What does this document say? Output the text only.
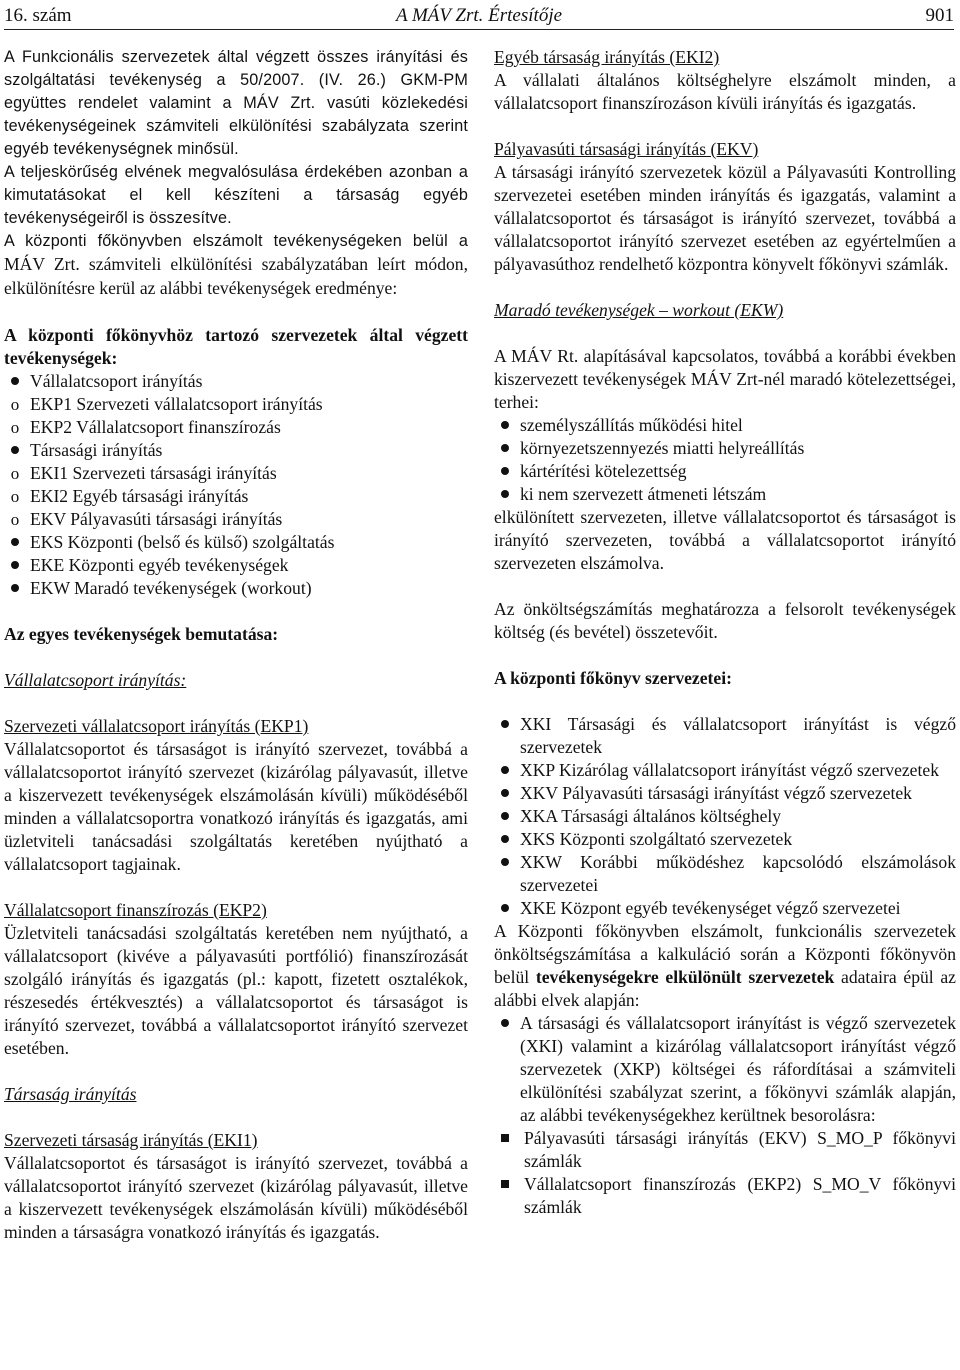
16. szám	A MÁV Zrt. Értesítője	901

A Funkcionális szervezetek által végzett összes irányítási és szolgáltatási tevékenység a 50/2007. (IV. 26.) GKM-PM együttes rendelet valamint a MÁV Zrt. vasúti közlekedési tevékenységeinek számviteli elkülönítési szabályzata szerint egyéb tevékenységnek minősül.

A teljeskörűség elvének megvalósulása érdekében azonban a kimutatásokat el kell készíteni a társaság egyéb tevékenységeiről is összesítve.

A központi főkönyvben elszámolt tevékenységeken belül a MÁV Zrt. számviteli elkülönítési szabályzatában leírt módon, elkülönítésre kerül az alábbi tevékenységek eredménye:

A központi főkönyvhöz tartozó szervezetek által végzett tevékenységek:

Vállalatcsoport irányítás
o EKP1 Szervezeti vállalatcsoport irányítás
o EKP2 Vállalatcsoport finanszírozás
Társasági irányítás
o EKI1 Szervezeti társasági irányítás
o EKI2 Egyéb társasági irányítás
o EKV Pályavasúti társasági irányítás
EKS Központi (belső és külső) szolgáltatás
EKE Központi egyéb tevékenységek
EKW Maradó tevékenységek (workout)

Az egyes tevékenységek bemutatása:

Vállalatcsoport irányítás:

Szervezeti vállalatcsoport irányítás (EKP1)

Vállalatcsoportot és társaságot is irányító szervezet, továbbá a vállalatcsoportot irányító szervezet (kizárólag pályavasút, illetve a kiszervezett tevékenységek elszámolásán kívüli) működéséből minden a vállalatcsoportra vonatkozó irányítás és igazgatás, ami üzletviteli tanácsadási szolgáltatás keretében nyújtható a vállalatcsoport tagjainak.

Vállalatcsoport finanszírozás (EKP2)

Üzletviteli tanácsadási szolgáltatás keretében nem nyújtható, a vállalatcsoport (kivéve a pályavasúti portfólió) finanszírozását szolgáló irányítás és igazgatás (pl.: kapott, fizetett osztalékok, részesedés értékvesztés) a vállalatcsoportot és társaságot is irányító szervezet, továbbá a vállalatcsoportot irányító szervezet esetében.

Társaság irányítás

Szervezeti társaság irányítás (EKI1)

Vállalatcsoportot és társaságot is irányító szervezet, továbbá a vállalatcsoportot irányító szervezet (kizárólag pályavasút, illetve a kiszervezett tevékenységek elszámolásán kívüli) működéséből minden a társaságra vonatkozó irányítás és igazgatás.

Egyéb társaság irányítás (EKI2)

A vállalati általános költséghelyre elszámolt minden, a vállalatcsoport finanszírozáson kívüli irányítás és igazgatás.

Pályavasúti társasági irányítás (EKV)

A társasági irányító szervezetek közül a Pályavasúti Kontrolling szervezetei esetében minden irányítás és igazgatás, valamint a vállalatcsoportot és társaságot is irányító szervezet, továbbá a vállalatcsoportot irányító szervezet esetében az egyértelműen a pályavasúthoz rendelhető központra könyvelt főkönyvi számlák.

Maradó tevékenységek – workout (EKW)

A MÁV Rt. alapításával kapcsolatos, továbbá a korábbi években kiszervezett tevékenységek MÁV Zrt-nél maradó kötelezettségei, terhei:

személyszállítás működési hitel
környezetszennyezés miatti helyreállítás
kártérítési kötelezettség
ki nem szervezett átmeneti létszám

elkülönített szervezeten, illetve vállalatcsoportot és társaságot is irányító szervezeten, továbbá a vállalatcsoportot irányító szervezeten elszámolva.

Az önköltségszámítás meghatározza a felsorolt tevékenységek költség (és bevétel) összetevőit.

A központi főkönyv szervezetei:

XKI Társasági és vállalatcsoport irányítást is végző szervezetek
XKP Kizárólag vállalatcsoport irányítást végző szervezetek
XKV Pályavasúti társasági irányítást végző szervezetek
XKA Társasági általános költséghely
XKS Központi szolgáltató szervezetek
XKW Korábbi működéshez kapcsolódó elszámolások szervezetei
XKE Központ egyéb tevékenységet végző szervezetei

A Központi főkönyvben elszámolt, funkcionális szervezetek önköltségszámítása a kalkuláció során a Központi főkönyvön belül tevékenységekre elkülönült szervezetek adataira épül az alábbi elvek alapján:

A társasági és vállalatcsoport irányítást is végző szervezetek (XKI) valamint a kizárólag vállalatcsoport irányítást végző szervezetek (XKP) költségei és ráfordításai a számviteli elkülönítési szabályzat szerint, a főkönyvi számlák alapján, az alábbi tevékenységekhez kerültnek besorolásra:
Pályavasúti társasági irányítás (EKV) S_MO_P főkönyvi számlák
Vállalatcsoport finanszírozás (EKP2) S_MO_V főkönyvi számlák
